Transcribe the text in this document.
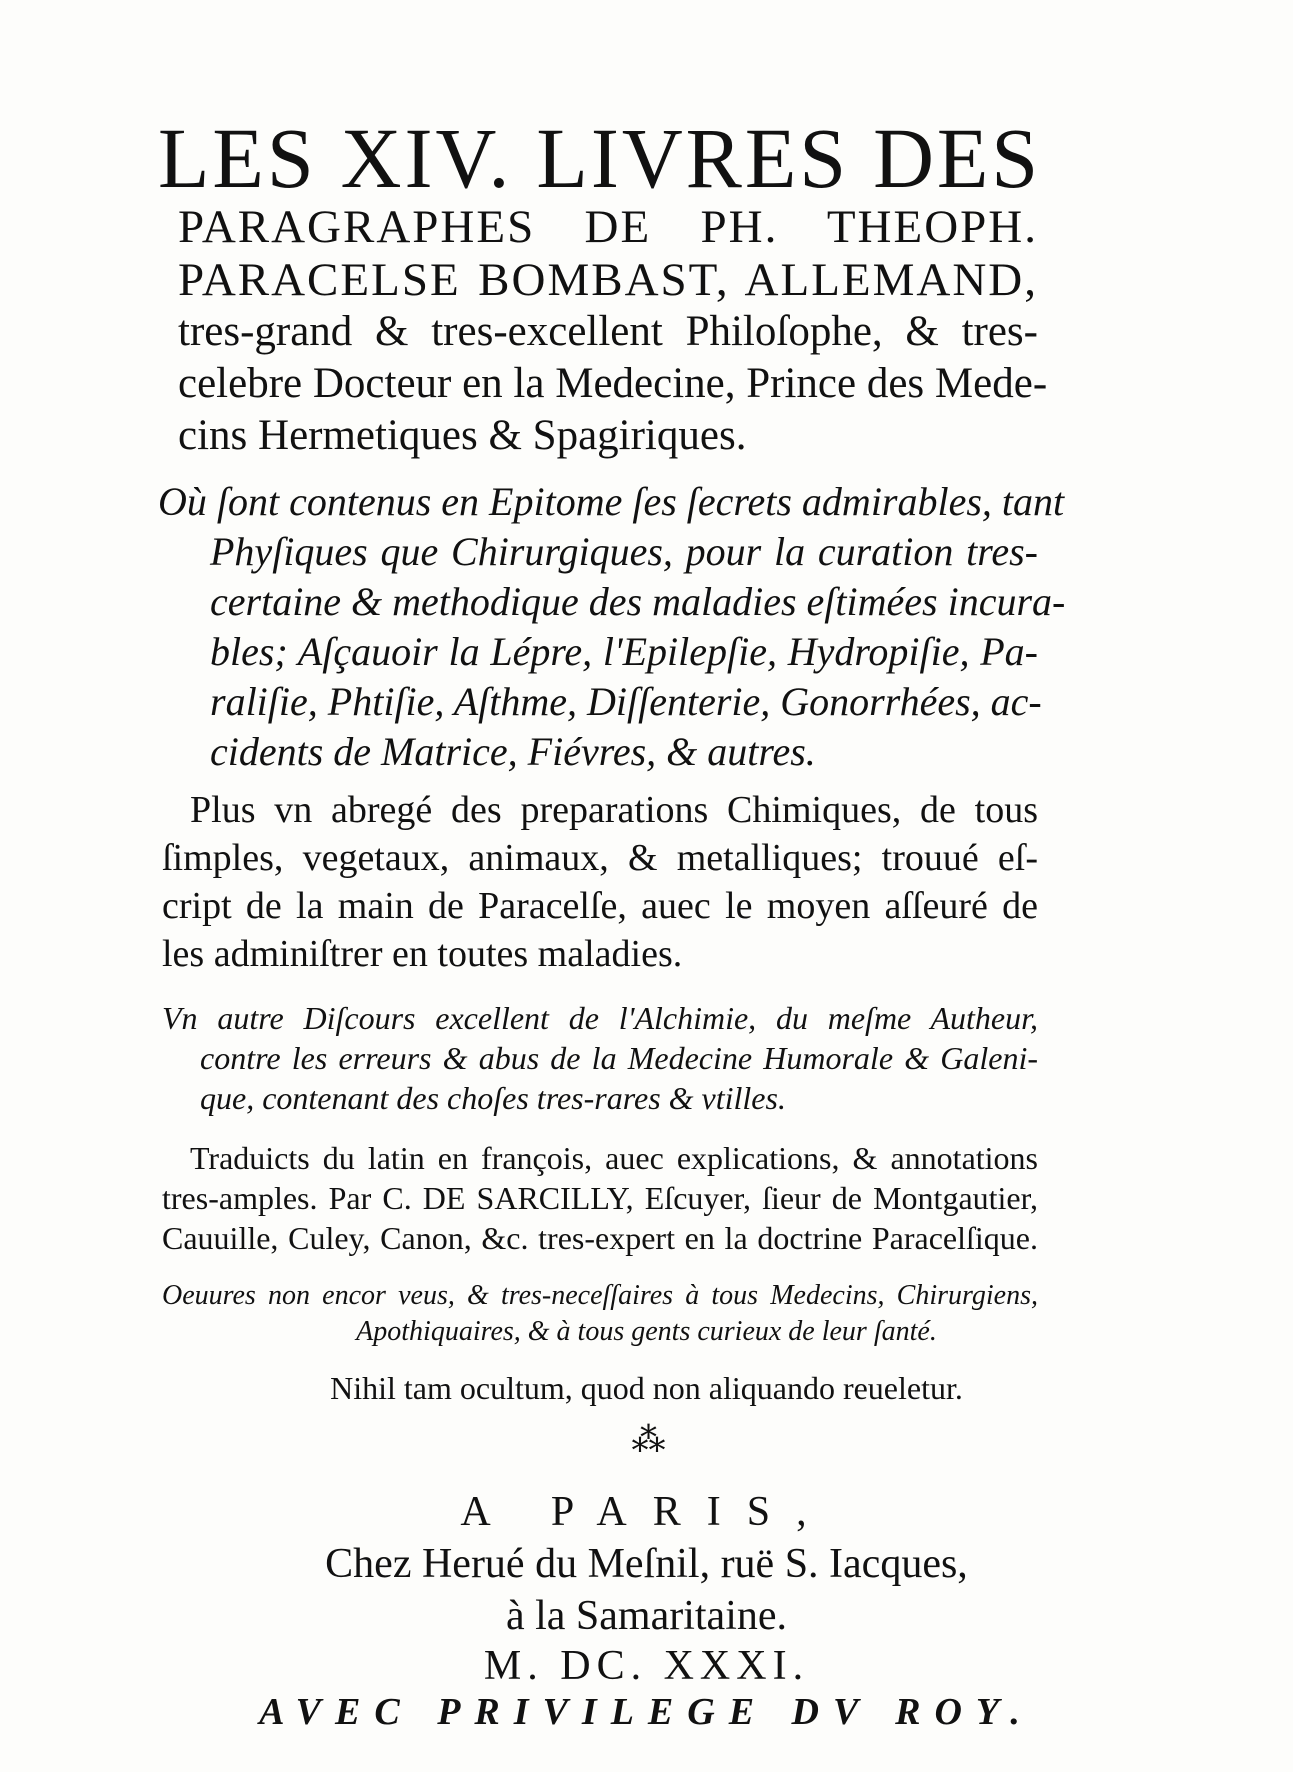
LES XIV. LIVRES DES
PARAGRAPHES DE PH. THEOPH.
PARACELSE BOMBAST, ALLEMAND,
tres-grand & tres-excellent Philoſophe, & tres-
celebre Docteur en la Medecine, Prince des Mede-
cins Hermetiques & Spagiriques.
Où ſont contenus en Epitome ſes ſecrets admirables, tant
Phyſiques que Chirurgiques, pour la curation tres-
certaine & methodique des maladies eſtimées incura-
bles; Aſçauoir la Lépre, l'Epilepſie, Hydropiſie, Pa-
raliſie, Phtiſie, Aſthme, Diſſenterie, Gonorrhées, ac-
cidents de Matrice, Fiévres, & autres.
Plus vn abregé des preparations Chimiques, de tous
ſimples, vegetaux, animaux, & metalliques; trouué eſ-
cript de la main de Paracelſe, auec le moyen aſſeuré de
les adminiſtrer en toutes maladies.
Vn autre Diſcours excellent de l'Alchimie, du meſme Autheur,
contre les erreurs & abus de la Medecine Humorale & Galeni-
que, contenant des choſes tres-rares & vtilles.
Traduicts du latin en françois, auec explications, & annotations
tres-amples. Par C. DE SARCILLY, Eſcuyer, ſieur de Montgautier,
Cauuille, Culey, Canon, &c. tres-expert en la doctrine Paracelſique.
Oeuures non encor veus, & tres-neceſſaires à tous Medecins, Chirurgiens,
Apothiquaires, & à tous gents curieux de leur ſanté.
Nihil tam ocultum, quod non aliquando reueletur.
⁂
A PARIS,
Chez Herué du Meſnil, ruë S. Iacques,
à la Samaritaine.
M. DC. XXXI.
AVEC PRIVILEGE DV ROY.
